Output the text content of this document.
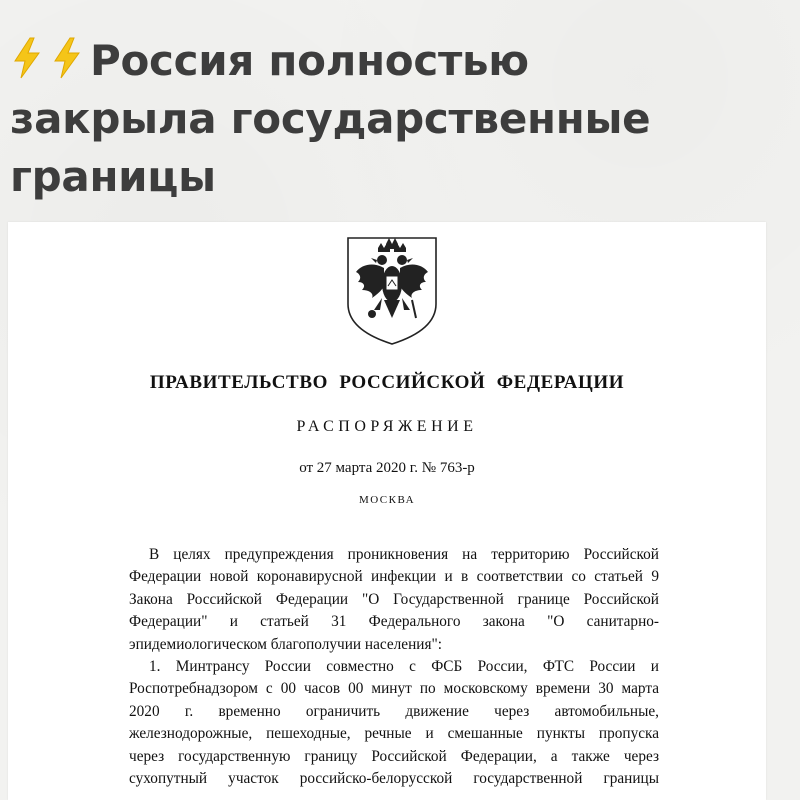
Россия полностью
закрыла государственные
границы
ПРАВИТЕЛЬСТВО РОССИЙСКОЙ ФЕДЕРАЦИИ
РАСПОРЯЖЕНИЕ
от 27 марта 2020 г. № 763-р
МОСКВА
В целях предупреждения проникновения на территорию Российской
Федерации новой коронавирусной инфекции и в соответствии со статьей 9
Закона Российской Федерации "О Государственной границе Российской
Федерации" и статьей 31 Федерального закона "О санитарно-
эпидемиологическом благополучии населения":
1. Минтрансу России совместно с ФСБ России, ФТС России и
Роспотребнадзором с 00 часов 00 минут по московскому времени 30 марта
2020 г. временно ограничить движение через автомобильные,
железнодорожные, пешеходные, речные и смешанные пункты пропуска
через государственную границу Российской Федерации, а также через
сухопутный участок российско-белорусской государственной границы
